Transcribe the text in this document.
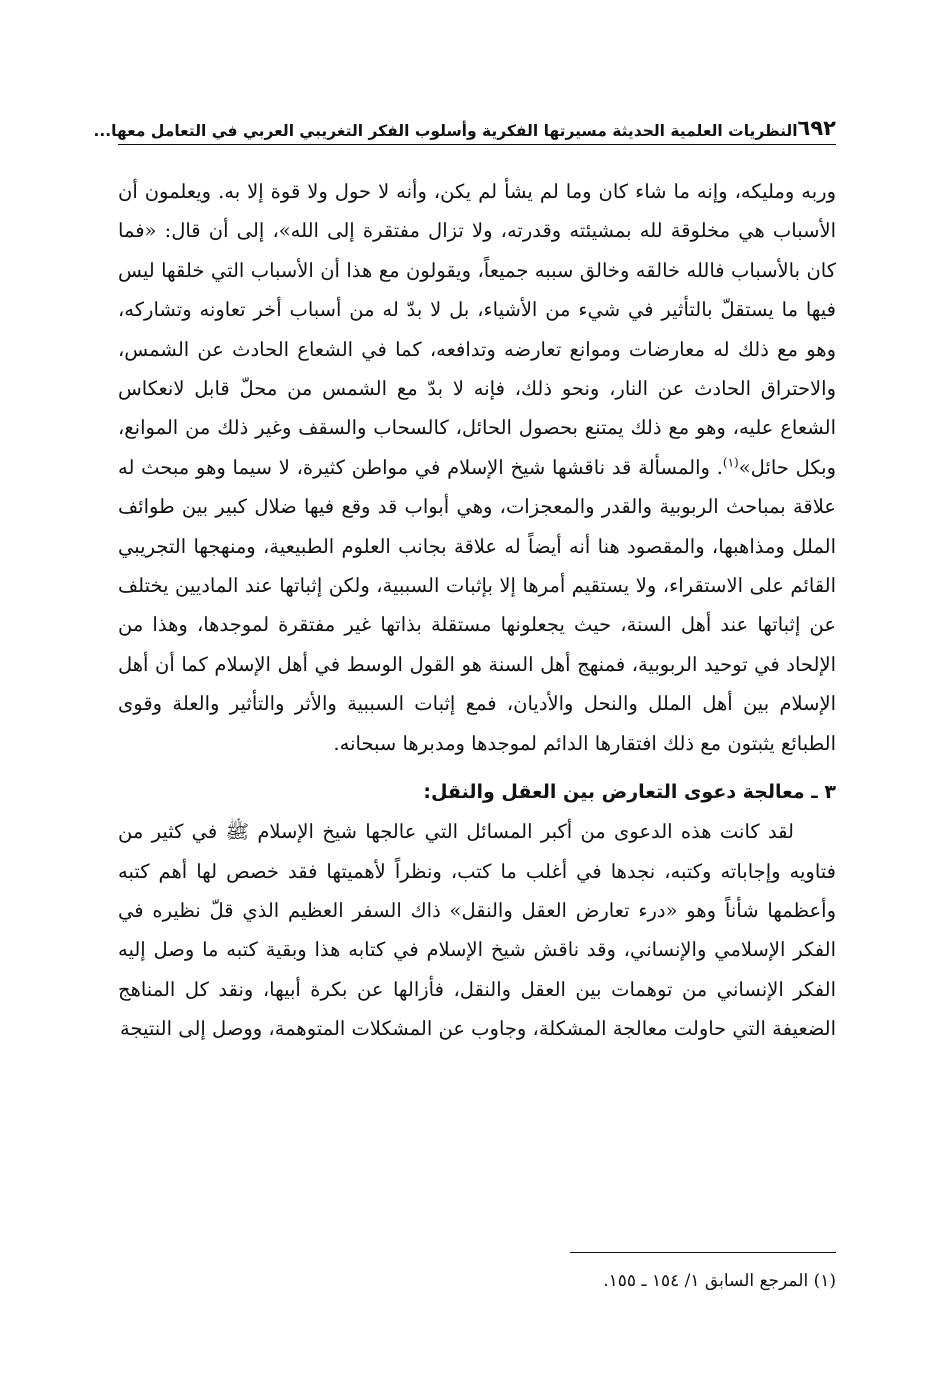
٦٩٢
النظريات العلمية الحديثة مسيرتها الفكرية وأسلوب الفكر التغريبي العربي في التعامل معها...

وربه ومليكه، وإنه ما شاء كان وما لم يشأ لم يكن، وأنه لا حول ولا قوة إلا به. ويعلمون أن الأسباب هي مخلوقة لله بمشيئته وقدرته، ولا تزال مفتقرة إلى الله»، إلى أن قال: «فما كان بالأسباب فالله خالقه وخالق سببه جميعاً، ويقولون مع هذا أن الأسباب التي خلقها ليس فيها ما يستقلّ بالتأثير في شيء من الأشياء، بل لا بدّ له من أسباب أخر تعاونه وتشاركه، وهو مع ذلك له معارضات وموانع تعارضه وتدافعه، كما في الشعاع الحادث عن الشمس، والاحتراق الحادث عن النار، ونحو ذلك، فإنه لا بدّ مع الشمس من محلّ قابل لانعكاس الشعاع عليه، وهو مع ذلك يمتنع بحصول الحائل، كالسحاب والسقف وغير ذلك من الموانع، وبكل حائل»$^{(١)}$. والمسألة قد ناقشها شيخ الإسلام في مواطن كثيرة، لا سيما وهو مبحث له علاقة بمباحث الربوبية والقدر والمعجزات، وهي أبواب قد وقع فيها ضلال كبير بين طوائف الملل ومذاهبها، والمقصود هنا أنه أيضاً له علاقة بجانب العلوم الطبيعية، ومنهجها التجريبي القائم على الاستقراء، ولا يستقيم أمرها إلا بإثبات السببية، ولكن إثباتها عند الماديين يختلف عن إثباتها عند أهل السنة، حيث يجعلونها مستقلة بذاتها غير مفتقرة لموجدها، وهذا من الإلحاد في توحيد الربوبية، فمنهج أهل السنة هو القول الوسط في أهل الإسلام كما أن أهل الإسلام بين أهل الملل والنحل والأديان، فمع إثبات السببية والأثر والتأثير والعلة وقوى الطبائع يثبتون مع ذلك افتقارها الدائم لموجدها ومدبرها سبحانه.

٣ ـ معالجة دعوى التعارض بين العقل والنقل:

لقد كانت هذه الدعوى من أكبر المسائل التي عالجها شيخ الإسلام ﷺ في كثير من فتاويه وإجاباته وكتبه، نجدها في أغلب ما كتب، ونظراً لأهميتها فقد خصص لها أهم كتبه وأعظمها شأناً وهو «درء تعارض العقل والنقل» ذاك السفر العظيم الذي قلّ نظيره في الفكر الإسلامي والإنساني، وقد ناقش شيخ الإسلام في كتابه هذا وبقية كتبه ما وصل إليه الفكر الإنساني من توهمات بين العقل والنقل، فأزالها عن بكرة أبيها، ونقد كل المناهج الضعيفة التي حاولت معالجة المشكلة، وجاوب عن المشكلات المتوهمة، ووصل إلى النتيجة

(١) المرجع السابق ١/ ١٥٤ ـ ١٥٥.
